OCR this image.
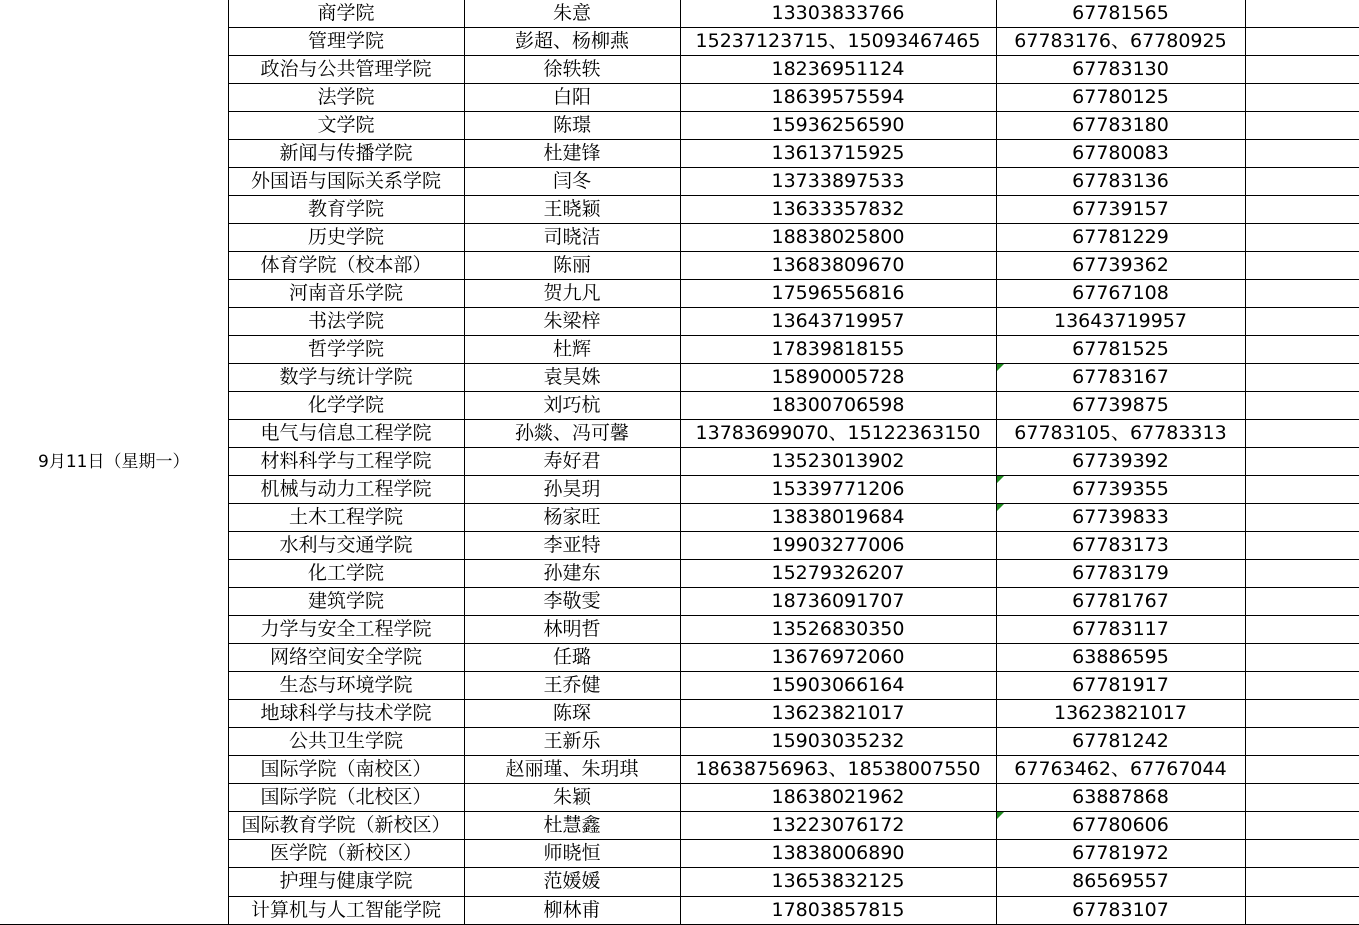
9月11日（星期一）	商学院	朱意	13303833766	67781565	
	管理学院	彭超、杨柳燕	15237123715、15093467465	67783176、67780925	
	政治与公共管理学院	徐轶轶	18236951124	67783130	
	法学院	白阳	18639575594	67780125	
	文学院	陈璟	15936256590	67783180	
	新闻与传播学院	杜建锋	13613715925	67780083	
	外国语与国际关系学院	闫冬	13733897533	67783136	
	教育学院	王晓颖	13633357832	67739157	
	历史学院	司晓洁	18838025800	67781229	
	体育学院（校本部）	陈丽	13683809670	67739362	
	河南音乐学院	贺九凡	17596556816	67767108	
	书法学院	朱梁梓	13643719957	13643719957	
	哲学学院	杜辉	17839818155	67781525	
	数学与统计学院	袁昊姝	15890005728	67783167	
	化学学院	刘巧杭	18300706598	67739875	
	电气与信息工程学院	孙燚、冯可馨	13783699070、15122363150	67783105、67783313	
	材料科学与工程学院	寿好君	13523013902	67739392	
	机械与动力工程学院	孙昊玥	15339771206	67739355	
	土木工程学院	杨家旺	13838019684	67739833	
	水利与交通学院	李亚特	19903277006	67783173	
	化工学院	孙建东	15279326207	67783179	
	建筑学院	李敬雯	18736091707	67781767	
	力学与安全工程学院	林明哲	13526830350	67783117	
	网络空间安全学院	任璐	13676972060	63886595	
	生态与环境学院	王乔健	15903066164	67781917	
	地球科学与技术学院	陈琛	13623821017	13623821017	
	公共卫生学院	王新乐	15903035232	67781242	
	国际学院（南校区）	赵丽瑾、朱玥琪	18638756963、18538007550	67763462、67767044	
	国际学院（北校区）	朱颖	18638021962	63887868	
	国际教育学院（新校区）	杜慧鑫	13223076172	67780606	
	医学院（新校区）	师晓恒	13838006890	67781972	
	护理与健康学院	范媛媛	13653832125	86569557	
	计算机与人工智能学院	柳林甫	17803857815	67783107	
